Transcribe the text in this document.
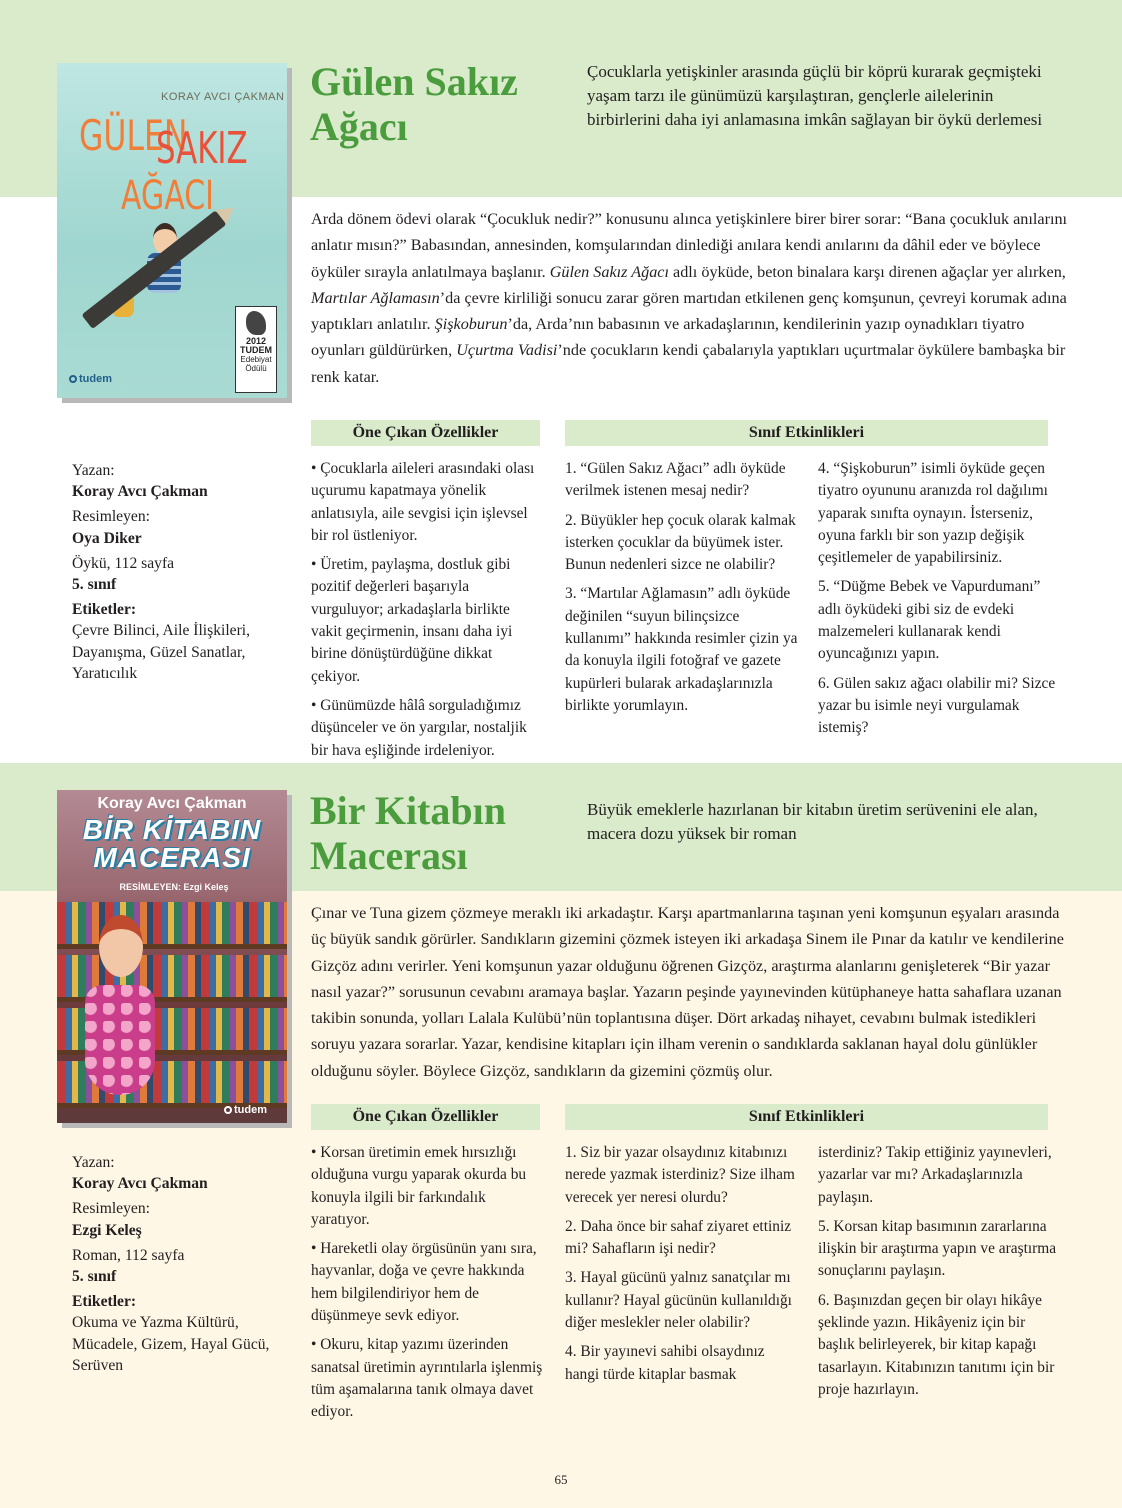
KORAY AVCI ÇAKMAN
GÜLEN
SAKIZ
AĞACI
2012
TUDEM
Edebiyat
Ödülü
tudem
Gülen Sakız Ağacı
Çocuklarla yetişkinler arasında güçlü bir köprü kurarak geçmişteki yaşam tarzı ile günümüzü karşılaştıran, gençlerle ailelerinin birbirlerini daha iyi anlamasına imkân sağlayan bir öykü derlemesi

Arda dönem ödevi olarak “Çocukluk nedir?” konusunu alınca yetişkinlere birer birer sorar: “Bana çocukluk anılarını anlatır mısın?” Babasından, annesinden, komşularından dinlediği anılara kendi anılarını da dâhil eder ve böylece öyküler sırayla anlatılmaya başlanır. Gülen Sakız Ağacı adlı öyküde, beton binalara karşı direnen ağaçlar yer alırken, Martılar Ağlamasın’da çevre kirliliği sonucu zarar gören martıdan etkilenen genç komşunun, çevreyi korumak adına yaptıkları anlatılır. Şişkoburun’da, Arda’nın babasının ve arkadaşlarının, kendilerinin yazıp oynadıkları tiyatro oyunları güldürürken, Uçurtma Vadisi’nde çocukların kendi çabalarıyla yaptıkları uçurtmalar öykülere bambaşka bir renk katar.

Öne Çıkan Özellikler	Sınıf Etkinlikleri
Yazan:
Koray Avcı Çakman
Resimleyen:
Oya Diker
Öykü, 112 sayfa
5. sınıf
Etiketler:
Çevre Bilinci, Aile İlişkileri, Dayanışma, Güzel Sanatlar, Yaratıcılık

• Çocuklarla aileleri arasındaki olası uçurumu kapatmaya yönelik anlatısıyla, aile sevgisi için işlevsel bir rol üstleniyor.

• Üretim, paylaşma, dostluk gibi pozitif değerleri başarıyla vurguluyor; arkadaşlarla birlikte vakit geçirmenin, insanı daha iyi birine dönüştürdüğüne dikkat çekiyor.

• Günümüzde hâlâ sorguladığımız düşünceler ve ön yargılar, nostaljik bir hava eşliğinde irdeleniyor.

1. “Gülen Sakız Ağacı” adlı öyküde verilmek istenen mesaj nedir?

2. Büyükler hep çocuk olarak kalmak isterken çocuklar da büyümek ister. Bunun nedenleri sizce ne olabilir?

3. “Martılar Ağlamasın” adlı öyküde değinilen “suyun bilinçsizce kullanımı” hakkında resimler çizin ya da konuyla ilgili fotoğraf ve gazete kupürleri bularak arkadaşlarınızla birlikte yorumlayın.

4. “Şişkoburun” isimli öyküde geçen tiyatro oyununu aranızda rol dağılımı yaparak sınıfta oynayın. İsterseniz, oyuna farklı bir son yazıp değişik çeşitlemeler de yapabilirsiniz.

5. “Düğme Bebek ve Vapurdumanı” adlı öyküdeki gibi siz de evdeki malzemeleri kullanarak kendi oyuncağınızı yapın.

6. Gülen sakız ağacı olabilir mi? Sizce yazar bu isimle neyi vurgulamak istemiş?

Koray Avcı Çakman
BİR KİTABIN
MACERASI
RESİMLEYEN: Ezgi Keleş
tudem
Bir Kitabın Macerası
Büyük emeklerle hazırlanan bir kitabın üretim serüvenini ele alan, macera dozu yüksek bir roman

Çınar ve Tuna gizem çözmeye meraklı iki arkadaştır. Karşı apartmanlarına taşınan yeni komşunun eşyaları arasında üç büyük sandık görürler. Sandıkların gizemini çözmek isteyen iki arkadaşa Sinem ile Pınar da katılır ve kendilerine Gizçöz adını verirler. Yeni komşunun yazar olduğunu öğrenen Gizçöz, araştırma alanlarını genişleterek “Bir yazar nasıl yazar?” sorusunun cevabını aramaya başlar. Yazarın peşinde yayınevinden kütüphaneye hatta sahaflara uzanan takibin sonunda, yolları Lalala Kulübü’nün toplantısına düşer. Dört arkadaş nihayet, cevabını bulmak istedikleri soruyu yazara sorarlar. Yazar, kendisine kitapları için ilham verenin o sandıklarda saklanan hayal dolu günlükler olduğunu söyler. Böylece Gizçöz, sandıkların da gizemini çözmüş olur.

Öne Çıkan Özellikler	Sınıf Etkinlikleri
Yazan:
Koray Avcı Çakman
Resimleyen:
Ezgi Keleş
Roman, 112 sayfa
5. sınıf
Etiketler:
Okuma ve Yazma Kültürü, Mücadele, Gizem, Hayal Gücü, Serüven

• Korsan üretimin emek hırsızlığı olduğuna vurgu yaparak okurda bu konuyla ilgili bir farkındalık yaratıyor.

• Hareketli olay örgüsünün yanı sıra, hayvanlar, doğa ve çevre hakkında hem bilgilendiriyor hem de düşünmeye sevk ediyor.

• Okuru, kitap yazımı üzerinden sanatsal üretimin ayrıntılarla işlenmiş tüm aşamalarına tanık olmaya davet ediyor.

1. Siz bir yazar olsaydınız kitabınızı nerede yazmak isterdiniz? Size ilham verecek yer neresi olurdu?

2. Daha önce bir sahaf ziyaret ettiniz mi? Sahafların işi nedir?

3. Hayal gücünü yalnız sanatçılar mı kullanır? Hayal gücünün kullanıldığı diğer meslekler neler olabilir?

4. Bir yayınevi sahibi olsaydınız hangi türde kitaplar basmak

isterdiniz? Takip ettiğiniz yayınevleri, yazarlar var mı? Arkadaşlarınızla paylaşın.

5. Korsan kitap basımının zararlarına ilişkin bir araştırma yapın ve araştırma sonuçlarını paylaşın.

6. Başınızdan geçen bir olayı hikâye şeklinde yazın. Hikâyeniz için bir başlık belirleyerek, bir kitap kapağı tasarlayın. Kitabınızın tanıtımı için bir proje hazırlayın.

65
